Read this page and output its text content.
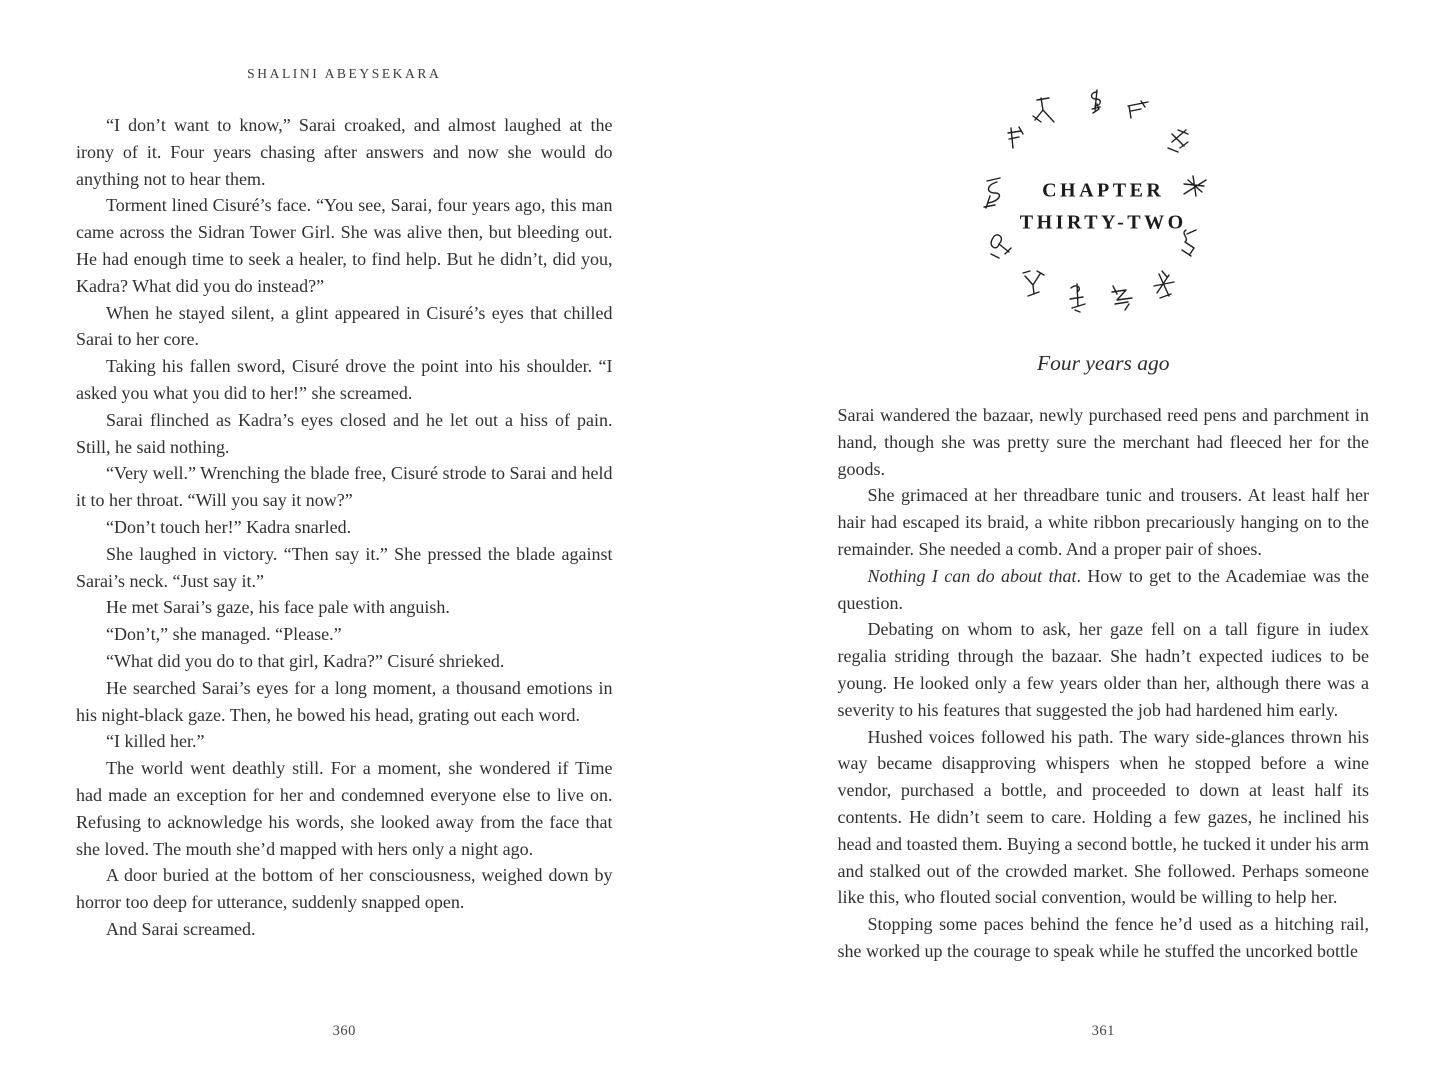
SHALINI ABEYSEKARA

“I don’t want to know,” Sarai croaked, and almost laughed at the irony of it. Four years chasing after answers and now she would do anything not to hear them.

Torment lined Cisuré’s face. “You see, Sarai, four years ago, this man came across the Sidran Tower Girl. She was alive then, but bleeding out. He had enough time to seek a healer, to find help. But he didn’t, did you, Kadra? What did you do instead?”

When he stayed silent, a glint appeared in Cisuré’s eyes that chilled Sarai to her core.

Taking his fallen sword, Cisuré drove the point into his shoulder. “I asked you what you did to her!” she screamed.

Sarai flinched as Kadra’s eyes closed and he let out a hiss of pain. Still, he said nothing.

“Very well.” Wrenching the blade free, Cisuré strode to Sarai and held it to her throat. “Will you say it now?”

“Don’t touch her!” Kadra snarled.

She laughed in victory. “Then say it.” She pressed the blade against Sarai’s neck. “Just say it.”

He met Sarai’s gaze, his face pale with anguish.

“Don’t,” she managed. “Please.”

“What did you do to that girl, Kadra?” Cisuré shrieked.

He searched Sarai’s eyes for a long moment, a thousand emotions in his night-black gaze. Then, he bowed his head, grating out each word.

“I killed her.”

The world went deathly still. For a moment, she wondered if Time had made an exception for her and condemned everyone else to live on. Refusing to acknowledge his words, she looked away from the face that she loved. The mouth she’d mapped with hers only a night ago.

A door buried at the bottom of her consciousness, weighed down by horror too deep for utterance, suddenly snapped open.

And Sarai screamed.

360
CHAPTER
THIRTY-TWO
Four years ago

Sarai wandered the bazaar, newly purchased reed pens and parchment in hand, though she was pretty sure the merchant had fleeced her for the goods.

She grimaced at her threadbare tunic and trousers. At least half her hair had escaped its braid, a white ribbon precariously hanging on to the remainder. She needed a comb. And a proper pair of shoes.

Nothing I can do about that. How to get to the Academiae was the question.

Debating on whom to ask, her gaze fell on a tall figure in iudex regalia striding through the bazaar. She hadn’t expected iudices to be young. He looked only a few years older than her, although there was a severity to his features that suggested the job had hardened him early.

Hushed voices followed his path. The wary side-glances thrown his way became disapproving whispers when he stopped before a wine vendor, purchased a bottle, and proceeded to down at least half its contents. He didn’t seem to care. Holding a few gazes, he inclined his head and toasted them. Buying a second bottle, he tucked it under his arm and stalked out of the crowded market. She followed. Perhaps someone like this, who flouted social convention, would be willing to help her.

Stopping some paces behind the fence he’d used as a hitching rail, she worked up the courage to speak while he stuffed the uncorked bottle

361
